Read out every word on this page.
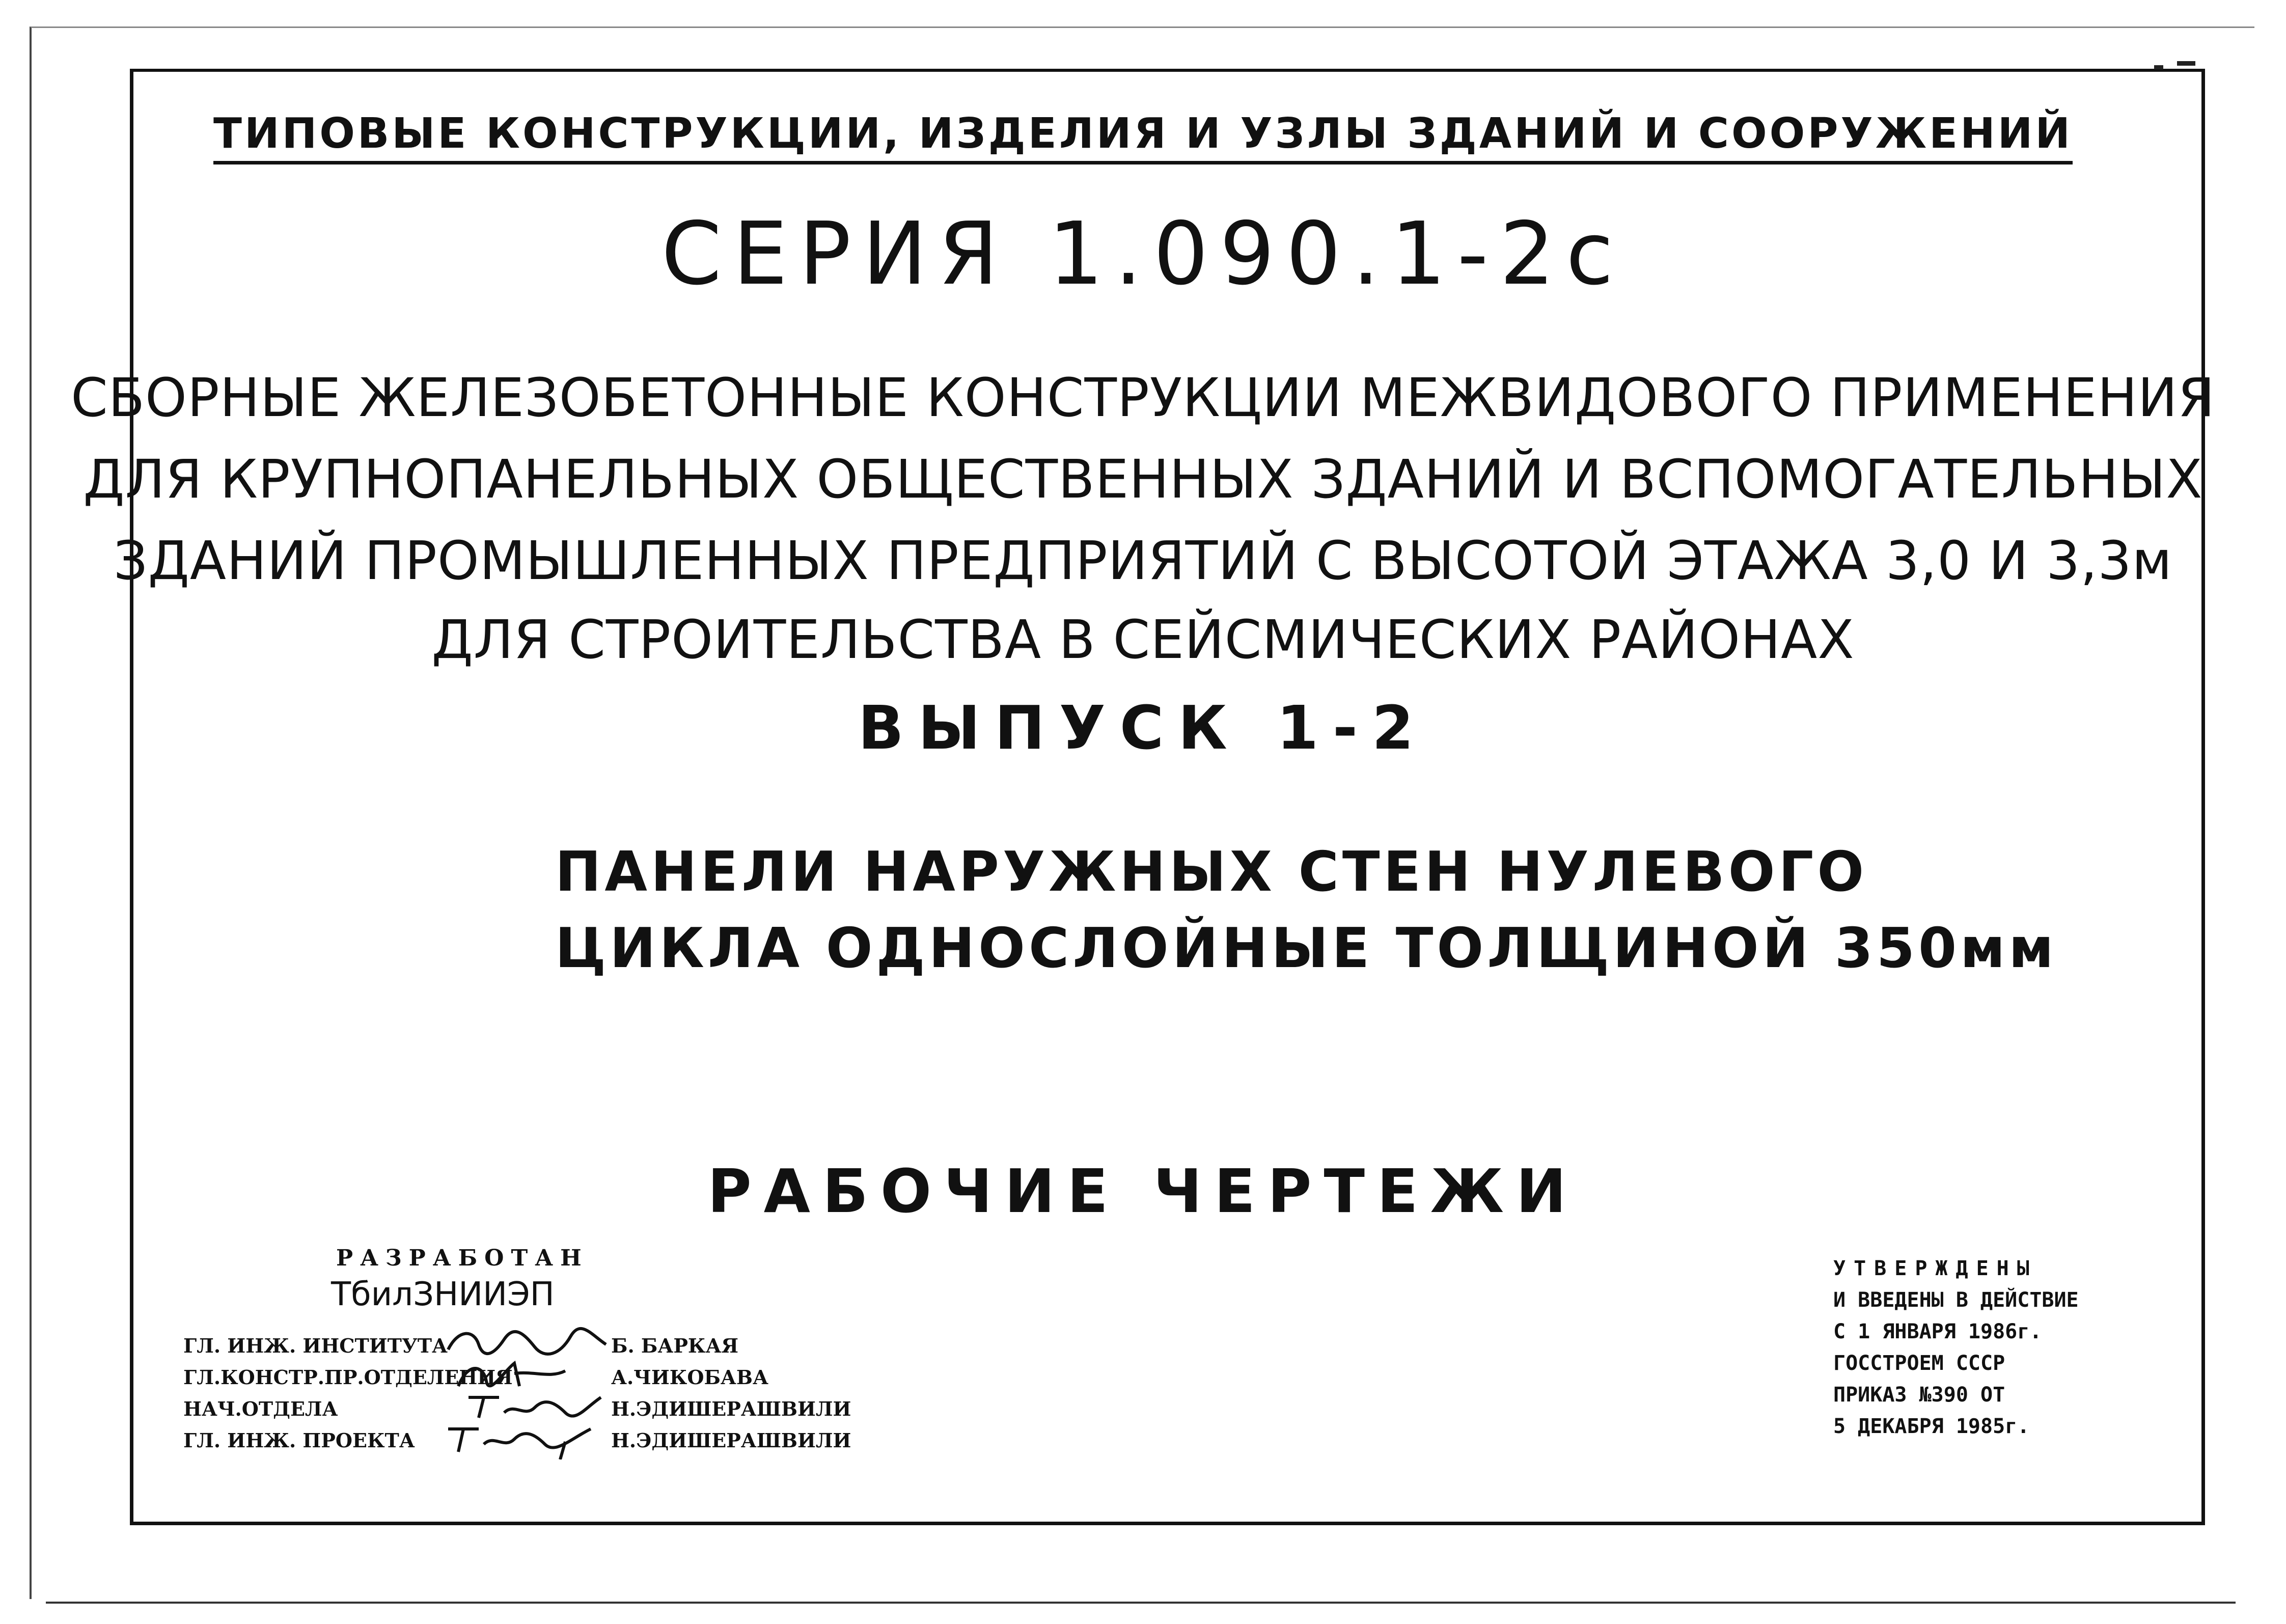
ТИПОВЫЕ КОНСТРУКЦИИ, ИЗДЕЛИЯ И УЗЛЫ ЗДАНИЙ И СООРУЖЕНИЙ
СЕРИЯ 1.090.1-2с
СБОРНЫЕ ЖЕЛЕЗОБЕТОННЫЕ КОНСТРУКЦИИ МЕЖВИДОВОГО ПРИМЕНЕНИЯ
ДЛЯ КРУПНОПАНЕЛЬНЫХ ОБЩЕСТВЕННЫХ ЗДАНИЙ И ВСПОМОГАТЕЛЬНЫХ
ЗДАНИЙ ПРОМЫШЛЕННЫХ ПРЕДПРИЯТИЙ С ВЫСОТОЙ ЭТАЖА 3,0 И 3,3м
ДЛЯ СТРОИТЕЛЬСТВА В СЕЙСМИЧЕСКИХ РАЙОНАХ
ВЫПУСК 1-2
ПАНЕЛИ НАРУЖНЫХ СТЕН НУЛЕВОГО
ЦИКЛА ОДНОСЛОЙНЫЕ ТОЛЩИНОЙ 350мм
РАБОЧИЕ ЧЕРТЕЖИ
РАЗРАБОТАН
ТбилЗНИИЭП
ГЛ. ИНЖ. ИНСТИТУТА	Б. БАРКАЯ
ГЛ.КОНСТР.ПР.ОТДЕЛЕНИЯ	А.ЧИКОБАВА
НАЧ.ОТДЕЛА	Н.ЭДИШЕРАШВИЛИ
ГЛ. ИНЖ. ПРОЕКТА	Н.ЭДИШЕРАШВИЛИ
УТВЕРЖДЕНЫ
И ВВЕДЕНЫ В ДЕЙСТВИЕ
С 1 ЯНВАРЯ 1986г.
ГОССТРОЕМ СССР
ПРИКАЗ №390 ОТ
5 ДЕКАБРЯ 1985г.
